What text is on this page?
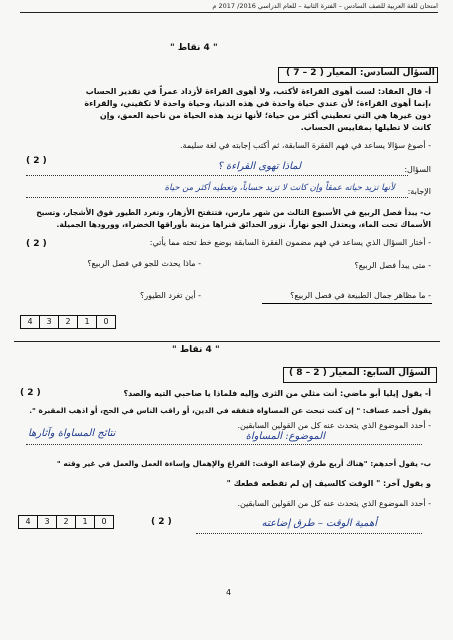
امتحان للغة العربية للصف السادس – الفترة الثانية – للعام الدراسي 2016/ 2017 م
" 4 نقاط "
السؤال السادس: المعيار ( 2 – 7 )
أ- قال العقاد: لست أهوى القراءة لأكتب، ولا أهوى القراءة لأزداد عمراً في تقدير الحساب
،إنما أهوى القراءة؛ لأن عندي حياة واحدة في هذه الدنيا، وحياة واحدة لا تكفيني، والقراءة
دون غيرها هي التي تعطيني أكثر من حياة؛ لأنها تزيد هذه الحياة من ناحية العمق، وإن
كانت لا تطيلها بمقاييس الحساب.
- أصوغ سؤالا يساعد في فهم الفقرة السابقة، ثم أكتب إجابته في لغة سليمة.
( 2 )
السؤال:
لماذا تهوى القراءة ؟
الإجابة:
لأنها تزيد حياته عمقاً وإن كانت لا تزيد حساباً، وتعطيه أكثر من حياة
ب- يبدأ فصل الربيع في الأسبوع الثالث من شهر مارس، فتتفتح الأزهار، وتغرد الطيور فوق الأشجار، وتسبح
الأسماك تحت الماء، ويعتدل الجو نهاراً. نزور الحدائق فنراها مزينة بأوراقها الخضراء، وورودها الجميلة.
- أختار السؤال الذي يساعد في فهم مضمون الفقرة السابقة بوضع خط تحته مما يأتي:
( 2 )
- متى يبدأ فصل الربيع؟
- ماذا يحدث للجو في فصل الربيع؟
- ما مظاهر جمال الطبيعة في فصل الربيع؟
- أين تغرد الطيور؟
4	3	2	1	0
" 4 نقاط "
السؤال السابع: المعيار ( 2 – 8 )
أ- يقول إيليا أبو ماضي: أنت مثلي من الثرى وإليه فلماذا يا صاحبي التيه والصد؟
( 2 )
يقول أحمد عساف: " إن كنت تبحث عن المساواة فتفقه في الدين، أو راقب الناس في الحج، أو اذهب المقبرة ".
- أحدد الموضوع الذي يتحدث عنه كل من القولين السابقين.
الموضوع: المساواة
نتائج المساواة وآثارها
ب- يقول أحدهم: "هناك أربع طرق لإضاعة الوقت: الفراغ والإهمال وإساءة العمل والعمل في غير وقته "
و يقول آخر: " الوقت كالسيف إن لم تقطعه قطعك "
- أحدد الموضوع الذي يتحدث عنه كل من القولين السابقين.
( 2 )	أهمية الوقت – طرق إضاعته
4	3	2	1	0
4
